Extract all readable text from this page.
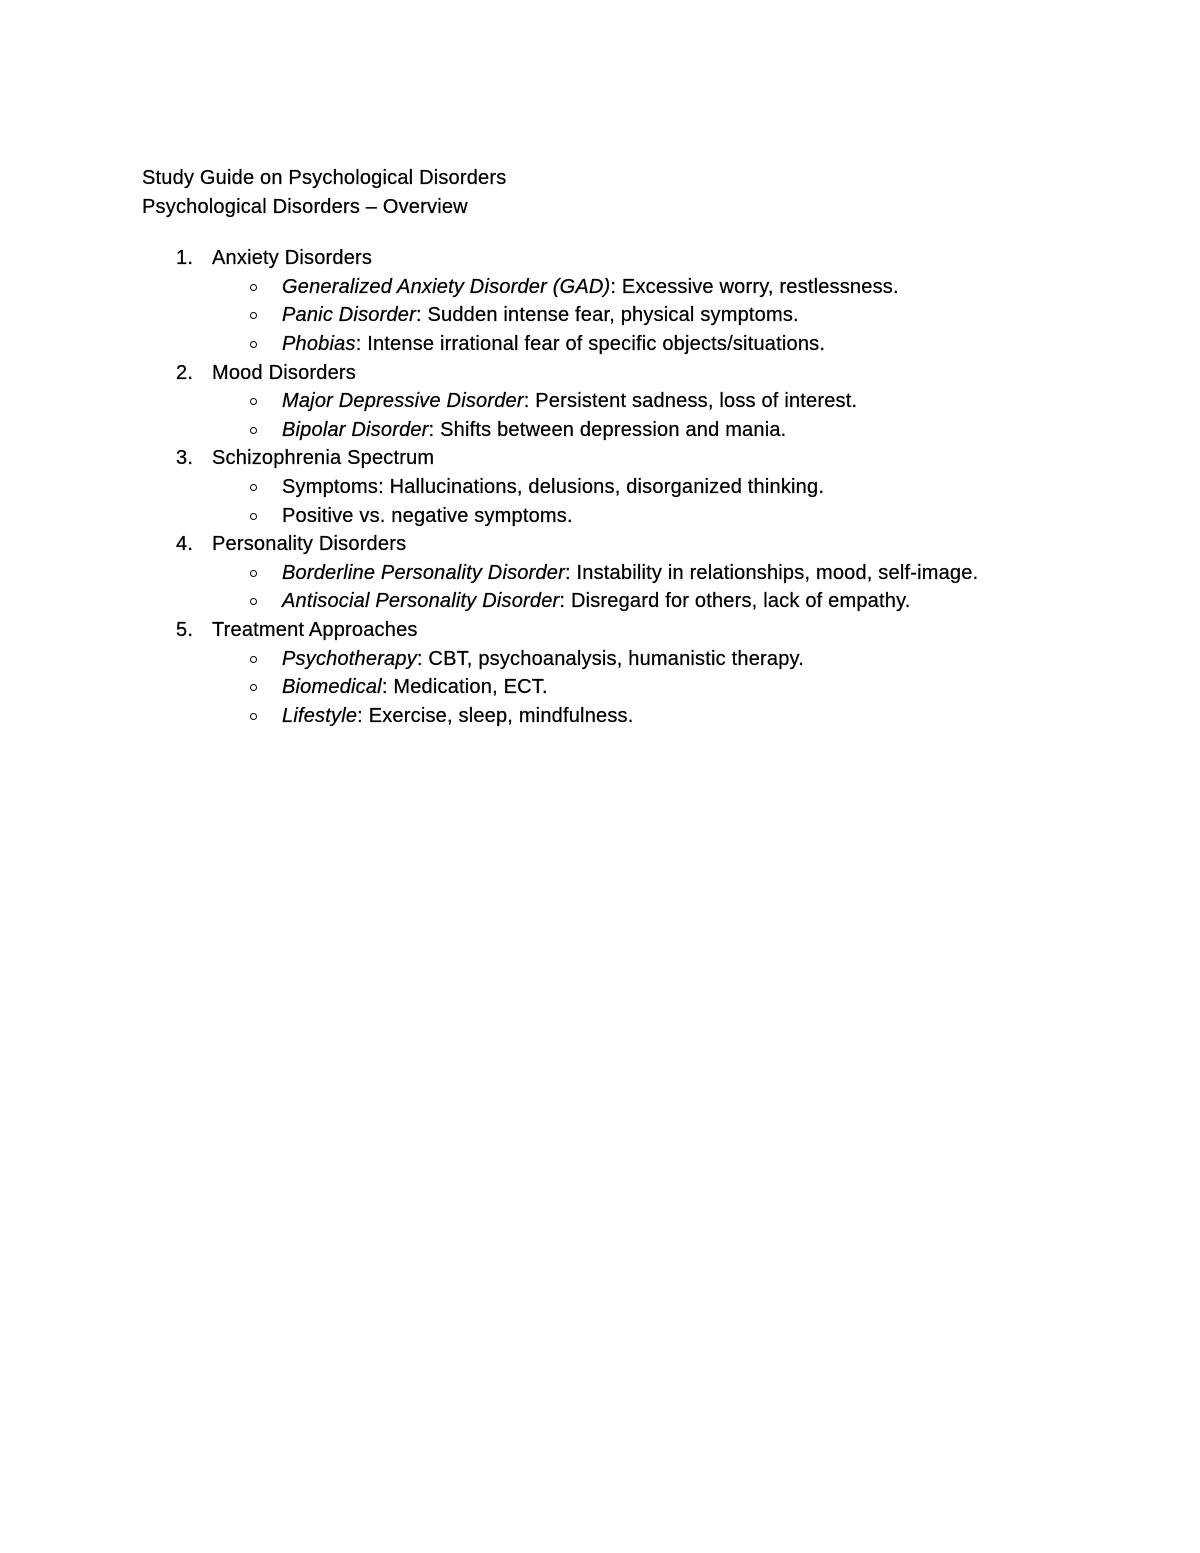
Study Guide on Psychological Disorders
Psychological Disorders – Overview
1. Anxiety Disorders
Generalized Anxiety Disorder (GAD): Excessive worry, restlessness.
Panic Disorder: Sudden intense fear, physical symptoms.
Phobias: Intense irrational fear of specific objects/situations.
2. Mood Disorders
Major Depressive Disorder: Persistent sadness, loss of interest.
Bipolar Disorder: Shifts between depression and mania.
3. Schizophrenia Spectrum
Symptoms: Hallucinations, delusions, disorganized thinking.
Positive vs. negative symptoms.
4. Personality Disorders
Borderline Personality Disorder: Instability in relationships, mood, self-image.
Antisocial Personality Disorder: Disregard for others, lack of empathy.
5. Treatment Approaches
Psychotherapy: CBT, psychoanalysis, humanistic therapy.
Biomedical: Medication, ECT.
Lifestyle: Exercise, sleep, mindfulness.
